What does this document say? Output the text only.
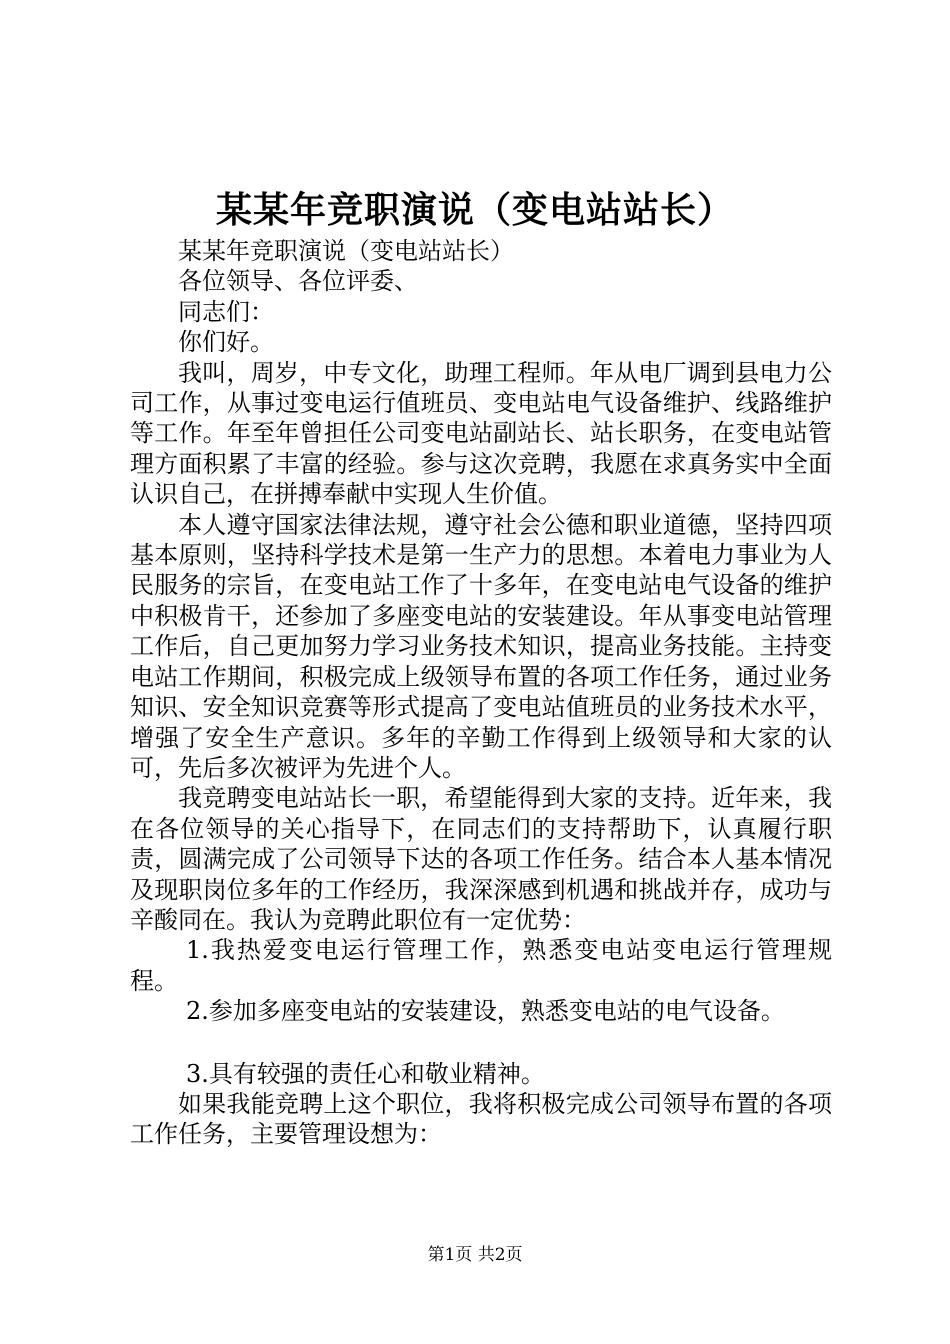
某某年竞职演说（变电站站长）

某某年竞职演说（变电站站长）

各位领导、各位评委、

同志们：

你们好。

我叫，周岁，中专文化，助理工程师。年从电厂调到县电力公司工作，从事过变电运行值班员、变电站电气设备维护、线路维护等工作。年至年曾担任公司变电站副站长、站长职务，在变电站管理方面积累了丰富的经验。参与这次竞聘，我愿在求真务实中全面认识自己，在拼搏奉献中实现人生价值。

本人遵守国家法律法规，遵守社会公德和职业道德，坚持四项基本原则，坚持科学技术是第一生产力的思想。本着电力事业为人民服务的宗旨，在变电站工作了十多年，在变电站电气设备的维护中积极肯干，还参加了多座变电站的安装建设。年从事变电站管理工作后，自己更加努力学习业务技术知识，提高业务技能。主持变电站工作期间，积极完成上级领导布置的各项工作任务，通过业务知识、安全知识竞赛等形式提高了变电站值班员的业务技术水平，增强了安全生产意识。多年的辛勤工作得到上级领导和大家的认可，先后多次被评为先进个人。

我竞聘变电站站长一职，希望能得到大家的支持。近年来，我在各位领导的关心指导下，在同志们的支持帮助下，认真履行职责，圆满完成了公司领导下达的各项工作任务。结合本人基本情况及现职岗位多年的工作经历，我深深感到机遇和挑战并存，成功与辛酸同在。我认为竞聘此职位有一定优势：

1.我热爱变电运行管理工作，熟悉变电站变电运行管理规程。

2.参加多座变电站的安装建设，熟悉变电站的电气设备。

3.具有较强的责任心和敬业精神。

如果我能竞聘上这个职位，我将积极完成公司领导布置的各项工作任务，主要管理设想为：

第1页 共2页
